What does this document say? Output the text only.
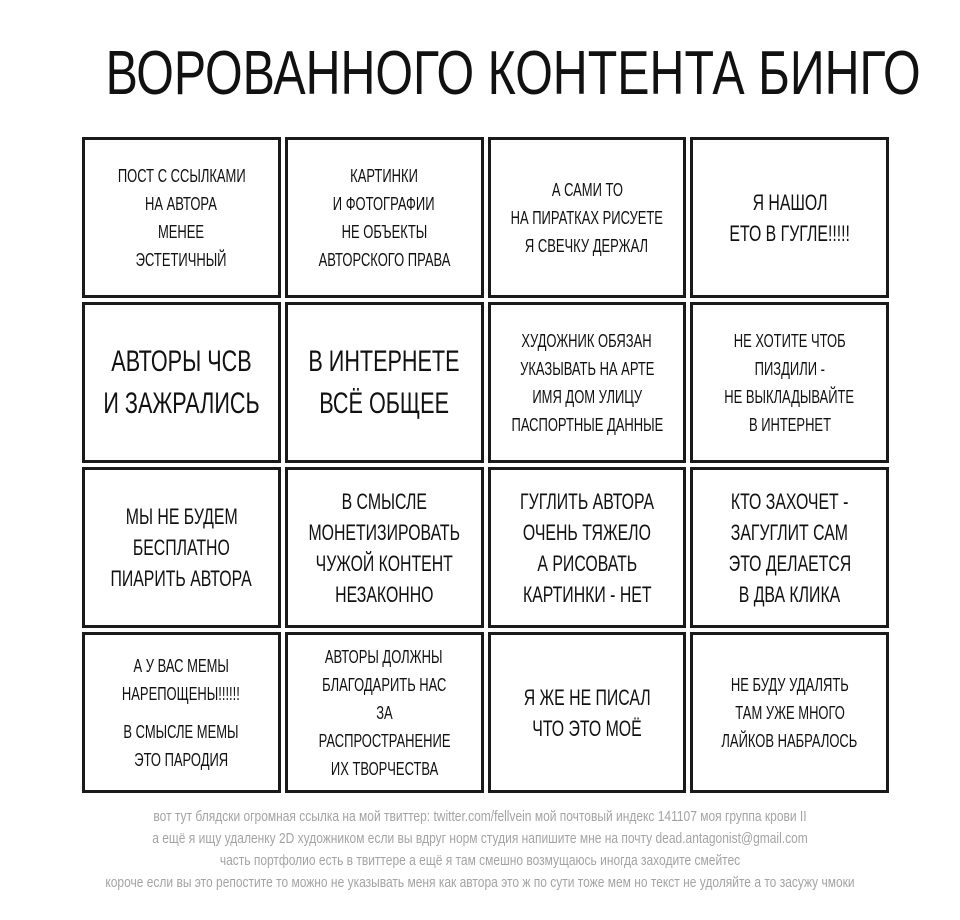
ВОРОВАННОГО КОНТЕНТА БИНГО
ПОСТ С ССЫЛКАМИ
НА АВТОРА
МЕНЕЕ
ЭСТЕТИЧНЫЙ
КАРТИНКИ
И ФОТОГРАФИИ
НЕ ОБЪЕКТЫ
АВТОРСКОГО ПРАВА
А САМИ ТО
НА ПИРАТКАХ РИСУЕТЕ
Я СВЕЧКУ ДЕРЖАЛ
Я НАШОЛ
ЕТО В ГУГЛЕ!!!!!
АВТОРЫ ЧСВ
И ЗАЖРАЛИСЬ
В ИНТЕРНЕТЕ
ВСЁ ОБЩЕЕ
ХУДОЖНИК ОБЯЗАН
УКАЗЫВАТЬ НА АРТЕ
ИМЯ ДОМ УЛИЦУ
ПАСПОРТНЫЕ ДАННЫЕ
НЕ ХОТИТЕ ЧТОБ
ПИЗДИЛИ -
НЕ ВЫКЛАДЫВАЙТЕ
В ИНТЕРНЕТ
МЫ НЕ БУДЕМ
БЕСПЛАТНО
ПИАРИТЬ АВТОРА
В СМЫСЛЕ
МОНЕТИЗИРОВАТЬ
ЧУЖОЙ КОНТЕНТ
НЕЗАКОННО
ГУГЛИТЬ АВТОРА
ОЧЕНЬ ТЯЖЕЛО
А РИСОВАТЬ
КАРТИНКИ - НЕТ
КТО ЗАХОЧЕТ -
ЗАГУГЛИТ САМ
ЭТО ДЕЛАЕТСЯ
В ДВА КЛИКА
А У ВАС МЕМЫ
НАРЕПОЩЕНЫ!!!!!!
В СМЫСЛЕ МЕМЫ
ЭТО ПАРОДИЯ
АВТОРЫ ДОЛЖНЫ
БЛАГОДАРИТЬ НАС
ЗА
РАСПРОСТРАНЕНИЕ
ИХ ТВОРЧЕСТВА
Я ЖЕ НЕ ПИСАЛ
ЧТО ЭТО МОЁ
НЕ БУДУ УДАЛЯТЬ
ТАМ УЖЕ МНОГО
ЛАЙКОВ НАБРАЛОСЬ
вот тут блядски огромная ссылка на мой твиттер: twitter.com/fellvein мой почтовый индекс 141107 моя группа крови II
а ещё я ищу удаленку 2D художником если вы вдруг норм студия напишите мне на почту dead.antagonist@gmail.com
часть портфолио есть в твиттере а ещё я там смешно возмущаюсь иногда заходите смейтес
короче если вы это репостите то можно не указывать меня как автора это ж по сути тоже мем но текст не удоляйте а то засужу чмоки
